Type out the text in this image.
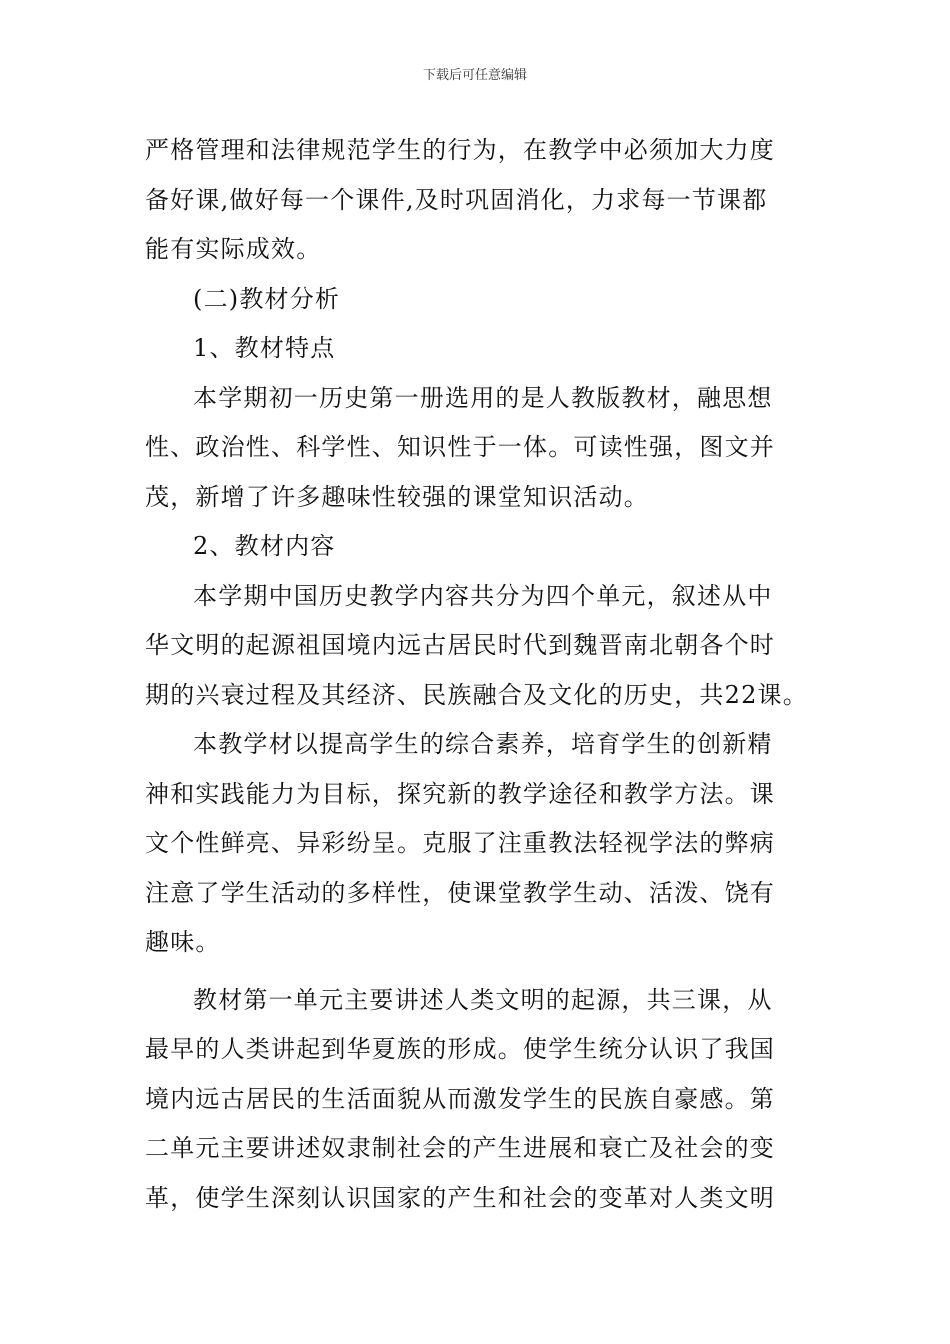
下载后可任意编辑
严格管理和法律规范学生的行为，在教学中必须加大力度
备好课,做好每一个课件,及时巩固消化，力求每一节课都
能有实际成效。
(二)教材分析
1、教材特点
本学期初一历史第一册选用的是人教版教材，融思想
性、政治性、科学性、知识性于一体。可读性强，图文并
茂，新增了许多趣味性较强的课堂知识活动。
2、教材内容
本学期中国历史教学内容共分为四个单元，叙述从中
华文明的起源祖国境内远古居民时代到魏晋南北朝各个时
期的兴衰过程及其经济、民族融合及文化的历史，共22课。
本教学材以提高学生的综合素养，培育学生的创新精
神和实践能力为目标，探究新的教学途径和教学方法。课
文个性鲜亮、异彩纷呈。克服了注重教法轻视学法的弊病
注意了学生活动的多样性，使课堂教学生动、活泼、饶有
趣味。
教材第一单元主要讲述人类文明的起源，共三课，从
最早的人类讲起到华夏族的形成。使学生统分认识了我国
境内远古居民的生活面貌从而激发学生的民族自豪感。第
二单元主要讲述奴隶制社会的产生进展和衰亡及社会的变
革，使学生深刻认识国家的产生和社会的变革对人类文明
